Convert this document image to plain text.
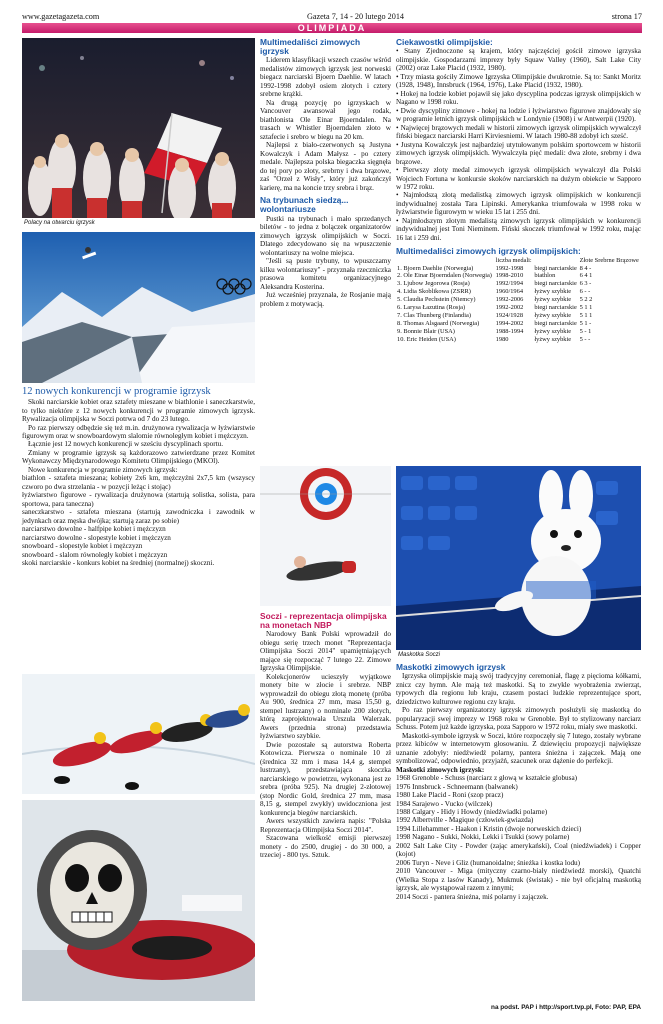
www.gazetagazeta.com	Gazeta 7, 14 - 20 lutego 2014	strona 17
OLIMPIADA
Polacy na otwarciu igrzysk
12 nowych konkurencji w programie igrzysk

Skoki narciarskie kobiet oraz sztafety mieszane w biathlonie i saneczkarstwie, to tylko niektóre z 12 nowych konkurencji w programie zimowych igrzysk. Rywalizacja olimpijska w Soczi potrwa od 7 do 23 lutego.

Po raz pierwszy odbędzie się też m.in. drużynowa rywalizacja w łyżwiarstwie figurowym oraz w snowboardowym slalomie równoległym kobiet i mężczyzn.

Łącznie jest 12 nowych konkurencji w sześciu dyscyplinach sportu.

Zmiany w programie igrzysk są każdorazowo zatwierdzane przez Komitet Wykonawczy Międzynarodowego Komitetu Olimpijskiego (MKOl).

Nowe konkurencja w programie zimowych igrzysk:

biathlon - sztafeta mieszana; kobiety 2x6 km, mężczyźni 2x7,5 km (wszyscy czworo po dwa strzelania - w pozycji leżąc i stojąc)

łyżwiarstwo figurowe - rywalizacja drużynowa (startują solistka, solista, para sportowa, para taneczna)

saneczkarstwo - sztafeta mieszana (startują zawodniczka i zawodnik w jedynkach oraz męska dwójka; startują zaraz po sobie)

narciarstwo dowolne - halfpipe kobiet i mężczyzn

narciarstwo dowolne - slopestyle kobiet i mężczyzn

snowboard - slopestyle kobiet i mężczyzn

snowboard - slalom równoległy kobiet i mężczyzn

skoki narciarskie - konkurs kobiet na średniej (normalnej) skoczni.

Multimedaliści zimowych igrzysk

Liderem klasyfikacji wszech czasów wśród medalistów zimowych igrzysk jest norweski biegacz narciarski Bjoern Daehlie. W latach 1992-1998 zdobył osiem złotych i cztery srebrne krążki.

Na drugą pozycję po igrzyskach w Vancouver awansował jego rodak, biathlonista Ole Einar Bjoerndalen. Na trasach w Whistler Bjoerndalen złoto w sztafecie i srebro w biegu na 20 km.

Najlepsi z biało-czerwonych są Justyna Kowalczyk i Adam Małysz - po cztery medale. Najlepsza polska biegaczka sięgnęła do tej pory po złoty, srebrny i dwa brązowe, zaś "Orzeł z Wisły", który już zakończył karierę, ma na koncie trzy srebra i brąz.

Na trybunach siedzą... wolontariusze

Pustki na trybunach i mało sprzedanych biletów - to jedna z bolączek organizatorów zimowych igrzysk olimpijskich w Soczi. Dlatego zdecydowano się na wpuszczenie wolontariuszy na wolne miejsca.

"Jeśli są puste trybuny, to wpuszczamy kilku wolontariuszy" - przyznała rzeczniczka prasowa komitetu organizacyjnego Aleksandra Kosterina.

Już wcześniej przyznała, że Rosjanie mają problem z motywacją.

Soczi - reprezentacja olimpijska na monetach NBP

Narodowy Bank Polski wprowadził do obiegu serię trzech monet "Reprezentacja Olimpijska Soczi 2014" upamiętniających mające się rozpocząć 7 lutego 22. Zimowe Igrzyska Olimpijskie.

Kolekcjonerów ucieszyły wyjątkowe monety bite w złocie i srebrze. NBP wyprowadził do obiegu złotą monetę (próba Au 900, średnica 27 mm, masa 15,50 g, stempel lustrzany) o nominale 200 złotych, którą zaprojektowała Urszula Walerzak. Awers (przednia strona) przedstawia łyżwiarstwo szybkie.

Dwie pozostałe są autorstwa Roberta Kotowicza. Pierwsza o nominale 10 zł (średnica 32 mm i masa 14,4 g, stempel lustrzany), przedstawiająca skoczka narciarskiego w powietrzu, wykonana jest ze srebra (próba 925). Na drugiej 2-złotowej (stop Nordic Gold, średnica 27 mm, masa 8,15 g, stempel zwykły) uwidoczniona jest konkurencja biegów narciarskich.

Awers wszystkich zawiera napis: "Polska Reprezentacja Olimpijska Soczi 2014".

Szacowana wielkość emisji pierwszej monety - do 2500, drugiej - do 30 000, a trzeciej - 800 tys. Sztuk.

Ciekawostki olimpijskie:

• Stany Zjednoczone są krajem, który najczęściej gościł zimowe igrzyska olimpijskie. Gospodarzami imprezy były Squaw Valley (1960), Salt Lake City (2002) oraz Lake Placid (1932, 1980).

• Trzy miasta gościły Zimowe Igrzyska Olimpijskie dwukrotnie. Są to: Sankt Moritz (1928, 1948), Innsbruck (1964, 1976), Lake Placid (1932, 1980).

• Hokej na lodzie kobiet pojawił się jako dyscyplina podczas igrzysk olimpijskich w Nagano w 1998 roku.

• Dwie dyscypliny zimowe - hokej na lodzie i łyżwiarstwo figurowe znajdowały się w programie letnich igrzysk olimpijskich w Londynie (1908) i w Antwerpii (1920).

• Najwięcej brązowych medali w historii zimowych igrzysk olimpijskich wywalczył fiński biegacz narciarski Harri Kirviesniemi. W latach 1980-88 zdobył ich sześć.

• Justyna Kowalczyk jest najbardziej utytułowanym polskim sportowcem w historii zimowych igrzysk olimpijskich. Wywalczyła pięć medali: dwa złote, srebrny i dwa brązowe.

• Pierwszy złoty medal zimowych igrzysk olimpijskich wywalczył dla Polski Wojciech Fortuna w konkursie skoków narciarskich na dużym obiekcie w Sapporo w 1972 roku.

• Najmłodszą złotą medalistką zimowych igrzysk olimpijskich w konkurencji indywidualnej została Tara Lipinski. Amerykanka triumfowała w 1998 roku w łyżwiarstwie figurowym w wieku 15 lat i 255 dni.

• Najmłodszym złotym medalistą zimowych igrzysk olimpijskich w konkurencji indywidualnej jest Toni Nieminem. Fiński skoczek triumfował w 1992 roku, mając 16 lat i 259 dni.

Multimedaliści zimowych igrzysk olimpijskich:
	liczba medali:		Złote Srebrne Brązowe
1. Bjoern Daehlie (Norwegia)	1992-1998	biegi narciarskie	8 4 -
2. Ole Einar Bjoerndalen (Norwegia)	1998-2010	biathlon	6 4 1
3. Ljubow Jegorowa (Rosja)	1992/1994	biegi narciarskie	6 3 -
4. Lidia Skoblikowa (ZSRR)	1960/1964	łyżwy szybkie	6 - -
5. Claudia Pechstein (Niemcy)	1992-2006	łyżwy szybkie	5 2 2
6. Larysa Łazutina (Rosja)	1992-2002	biegi narciarskie	5 1 1
7. Clas Thunberg (Finlandia)	1924/1928	łyżwy szybkie	5 1 1
8. Thomas Alsgaard (Norwegia)	1994-2002	biegi narciarskie	5 1 -
9. Bonnie Blair (USA)	1988-1994	łyżwy szybkie	5 - 1
10. Eric Heiden (USA)	1980	łyżwy szybkie	5 - -
Maskotka Soczi
Maskotki zimowych igrzysk

Igrzyska olimpijskie mają swój tradycyjny ceremoniał, flagę z pięcioma kółkami, znicz czy hymn. Ale mają też maskotki. Są to zwykle wyobrażenia zwierząt, typowych dla regionu lub kraju, czasem postaci ludzkie reprezentujące sport, dziedzictwo kulturowe regionu czy kraju.

Po raz pierwszy organizatorzy igrzysk zimowych posłużyli się maskotką do popularyzacji swej imprezy w 1968 roku w Grenoble. Był to stylizowany narciarz Schuss. Potem już każde igrzyska, poza Sapporo w 1972 roku, miały swe maskotki.

Maskotki-symbole igrzysk w Soczi, które rozpoczęły się 7 lutego, zostały wybrane przez kibiców w internetowym głosowaniu. Z dziewięciu propozycji największe uznanie zdobyły: niedźwiedź polarny, pantera śnieżna i zajączek. Mają one symbolizować, odpowiednio, przyjaźń, szacunek oraz dążenie do perfekcji.

Maskotki zimowych igrzysk:

1968 Grenoble - Schuss (narciarz z głową w kształcie globusa)

1976 Innsbruck - Schneemann (bałwanek)

1980 Lake Placid - Roni (szop pracz)

1984 Sarajewo - Vucko (wilczek)

1988 Calgary - Hidy i Howdy (niedźwiadki polarne)

1992 Albertville - Magique (człowiek-gwiazda)

1994 Lillehammer - Haakon i Kristin (dwoje norweskich dzieci)

1998 Nagano - Sukki, Nokki, Lekki i Tsukki (sowy polarne)

2002 Salt Lake City - Powder (zając amerykański), Coal (niedźwiadek) i Copper (kojot)

2006 Turyn - Neve i Gliz (humanoidalne; śnieżka i kostka lodu)

2010 Vancouver - Miga (mityczny czarno-biały niedźwiedź morski), Quatchi (Wielka Stopa z lasów Kanady), Mukmuk (świstak) - nie był oficjalną maskotką igrzysk, ale wystąpował razem z innymi;

2014 Soczi - pantera śnieżna, miś polarny i zajączek.

na podst. PAP i http://sport.tvp.pl, Foto: PAP, EPA
